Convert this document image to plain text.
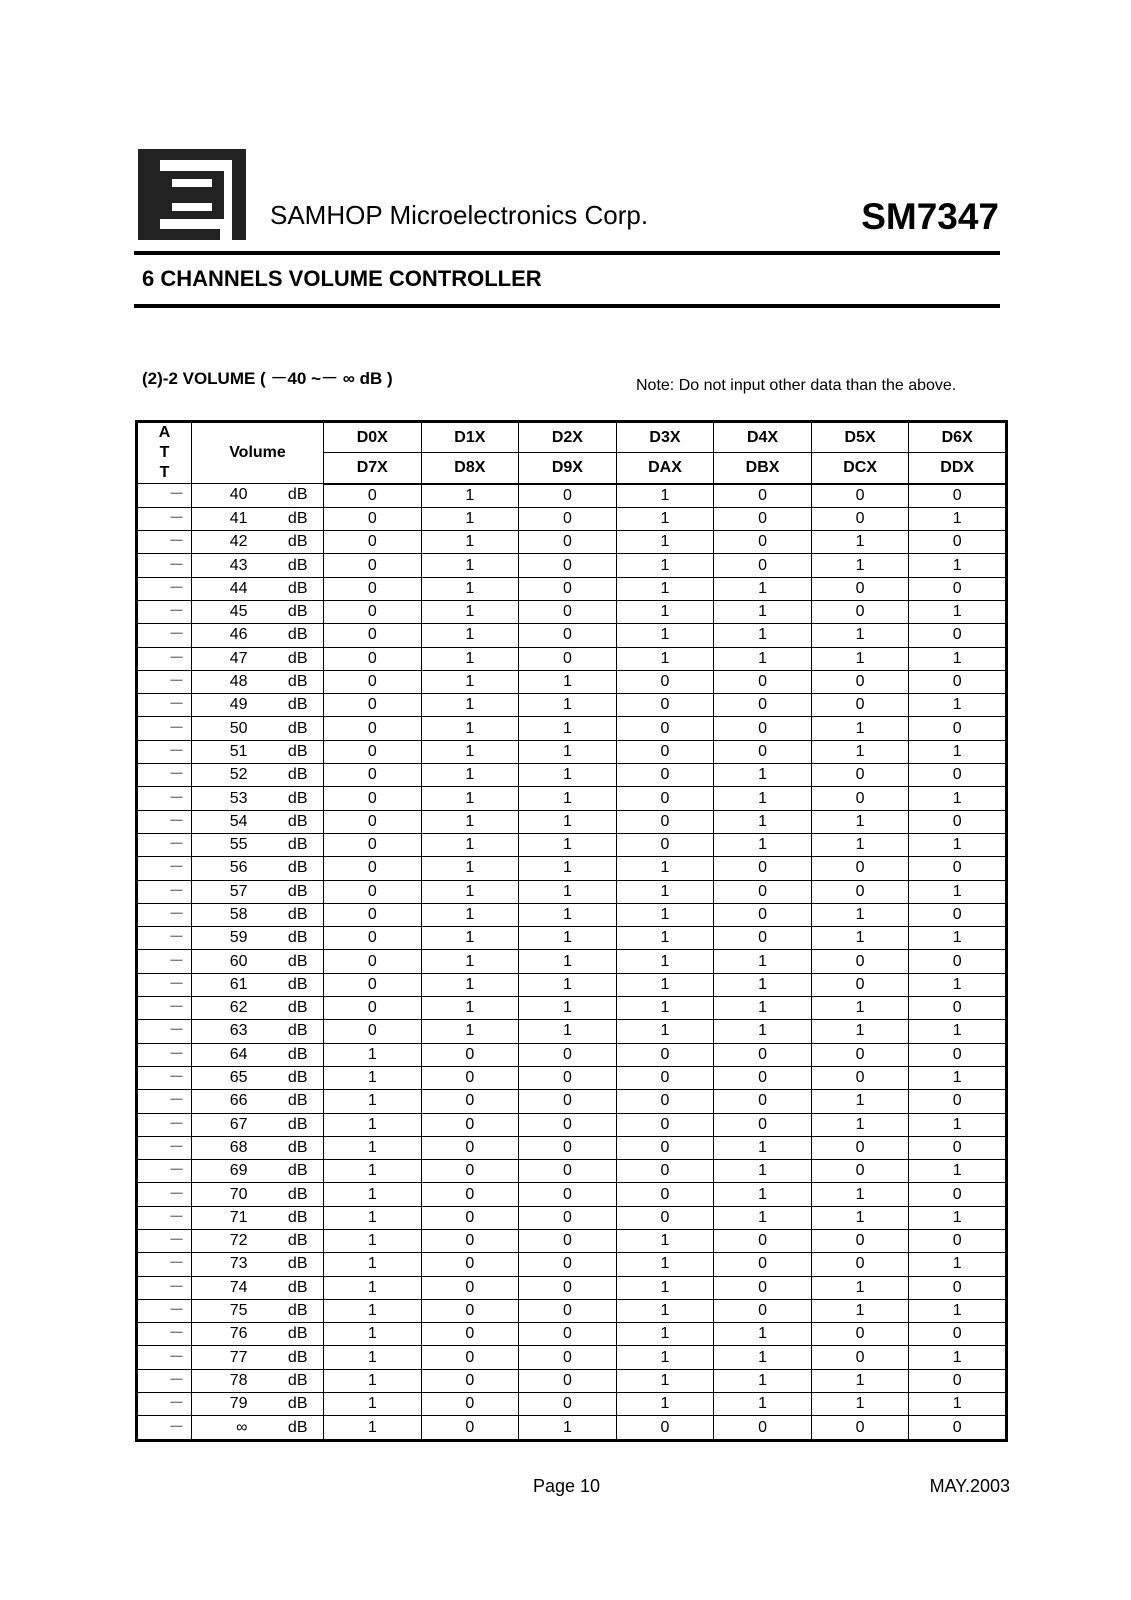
SAMHOP Microelectronics Corp.	SM7347
6 CHANNELS VOLUME CONTROLLER
(2)-2 VOLUME ( －40 ~－ ∞ dB )	Note: Do not input other data than the above.
A
T
T	Volume	D0X	D1X	D2X	D3X	D4X	D5X	D6X
		D7X	D8X	D9X	DAX	DBX	DCX	DDX
－	40 dB	0	1	0	1	0	0	0
－	41 dB	0	1	0	1	0	0	1
－	42 dB	0	1	0	1	0	1	0
－	43 dB	0	1	0	1	0	1	1
－	44 dB	0	1	0	1	1	0	0
－	45 dB	0	1	0	1	1	0	1
－	46 dB	0	1	0	1	1	1	0
－	47 dB	0	1	0	1	1	1	1
－	48 dB	0	1	1	0	0	0	0
－	49 dB	0	1	1	0	0	0	1
－	50 dB	0	1	1	0	0	1	0
－	51 dB	0	1	1	0	0	1	1
－	52 dB	0	1	1	0	1	0	0
－	53 dB	0	1	1	0	1	0	1
－	54 dB	0	1	1	0	1	1	0
－	55 dB	0	1	1	0	1	1	1
－	56 dB	0	1	1	1	0	0	0
－	57 dB	0	1	1	1	0	0	1
－	58 dB	0	1	1	1	0	1	0
－	59 dB	0	1	1	1	0	1	1
－	60 dB	0	1	1	1	1	0	0
－	61 dB	0	1	1	1	1	0	1
－	62 dB	0	1	1	1	1	1	0
－	63 dB	0	1	1	1	1	1	1
－	64 dB	1	0	0	0	0	0	0
－	65 dB	1	0	0	0	0	0	1
－	66 dB	1	0	0	0	0	1	0
－	67 dB	1	0	0	0	0	1	1
－	68 dB	1	0	0	0	1	0	0
－	69 dB	1	0	0	0	1	0	1
－	70 dB	1	0	0	0	1	1	0
－	71 dB	1	0	0	0	1	1	1
－	72 dB	1	0	0	1	0	0	0
－	73 dB	1	0	0	1	0	0	1
－	74 dB	1	0	0	1	0	1	0
－	75 dB	1	0	0	1	0	1	1
－	76 dB	1	0	0	1	1	0	0
－	77 dB	1	0	0	1	1	0	1
－	78 dB	1	0	0	1	1	1	0
－	79 dB	1	0	0	1	1	1	1
－	∞ dB	1	0	1	0	0	0	0
Page 10	MAY.2003
